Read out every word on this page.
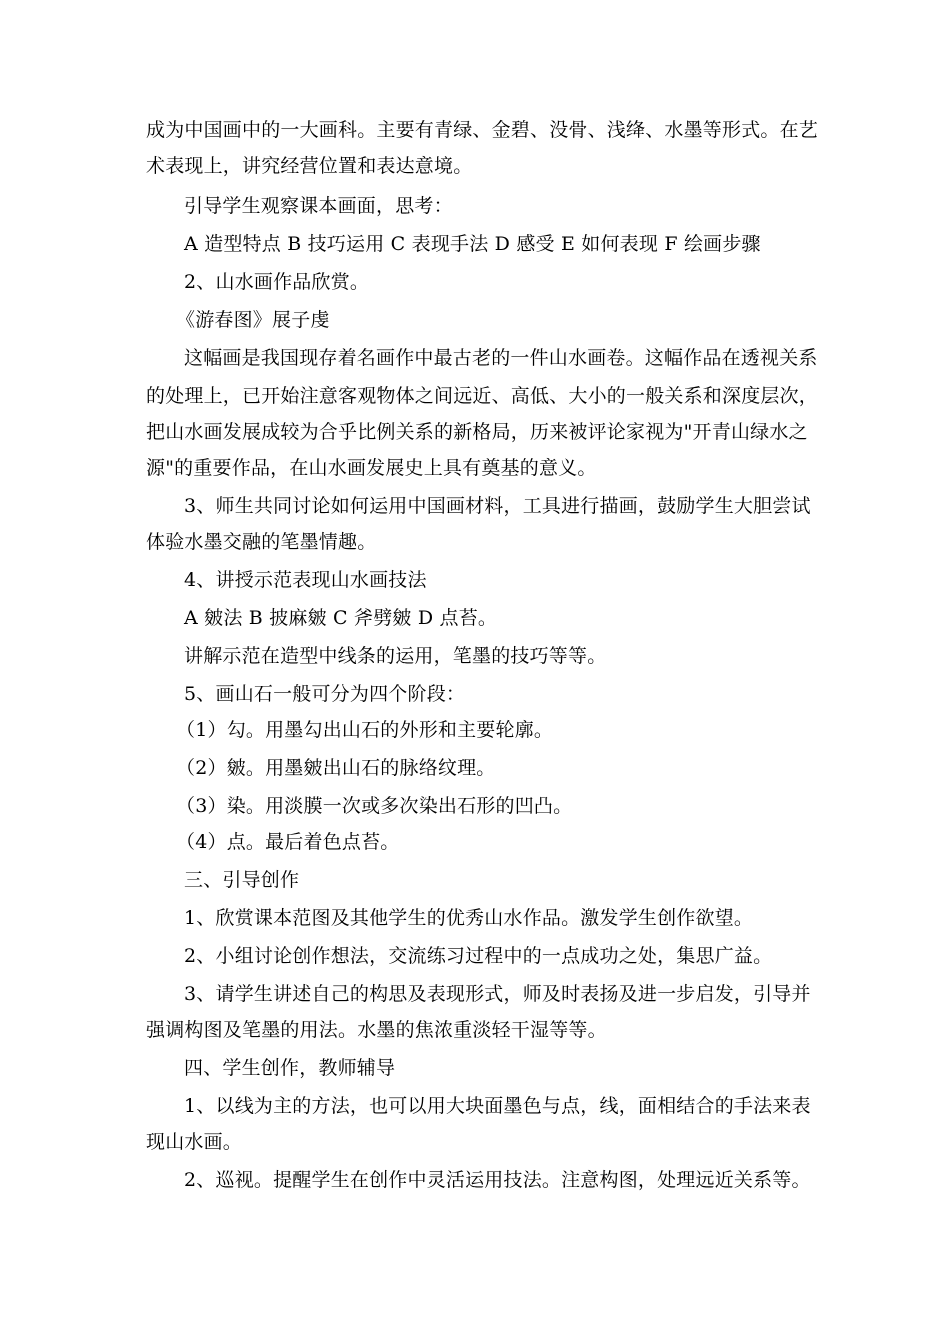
成为中国画中的一大画科。主要有青绿、金碧、没骨、浅绛、水墨等形式。在艺
术表现上，讲究经营位置和表达意境。
引导学生观察课本画面，思考：
A 造型特点 B 技巧运用 C 表现手法 D 感受 E 如何表现 F 绘画步骤
2、山水画作品欣赏。
《游春图》展子虔
这幅画是我国现存着名画作中最古老的一件山水画卷。这幅作品在透视关系
的处理上，已开始注意客观物体之间远近、高低、大小的一般关系和深度层次，
把山水画发展成较为合乎比例关系的新格局，历来被评论家视为"开青山绿水之
源"的重要作品，在山水画发展史上具有奠基的意义。
3、师生共同讨论如何运用中国画材料，工具进行描画，鼓励学生大胆尝试
体验水墨交融的笔墨情趣。
4、讲授示范表现山水画技法
A 皴法 B 披麻皴 C 斧劈皴 D 点苔。
讲解示范在造型中线条的运用，笔墨的技巧等等。
5、画山石一般可分为四个阶段：
（1）勾。用墨勾出山石的外形和主要轮廓。
（2）皴。用墨皴出山石的脉络纹理。
（3）染。用淡膜一次或多次染出石形的凹凸。
（4）点。最后着色点苔。
三、引导创作
1、欣赏课本范图及其他学生的优秀山水作品。激发学生创作欲望。
2、小组讨论创作想法，交流练习过程中的一点成功之处，集思广益。
3、请学生讲述自己的构思及表现形式，师及时表扬及进一步启发，引导并
强调构图及笔墨的用法。水墨的焦浓重淡轻干湿等等。
四、学生创作，教师辅导
1、以线为主的方法，也可以用大块面墨色与点，线，面相结合的手法来表
现山水画。
2、巡视。提醒学生在创作中灵活运用技法。注意构图，处理远近关系等。
